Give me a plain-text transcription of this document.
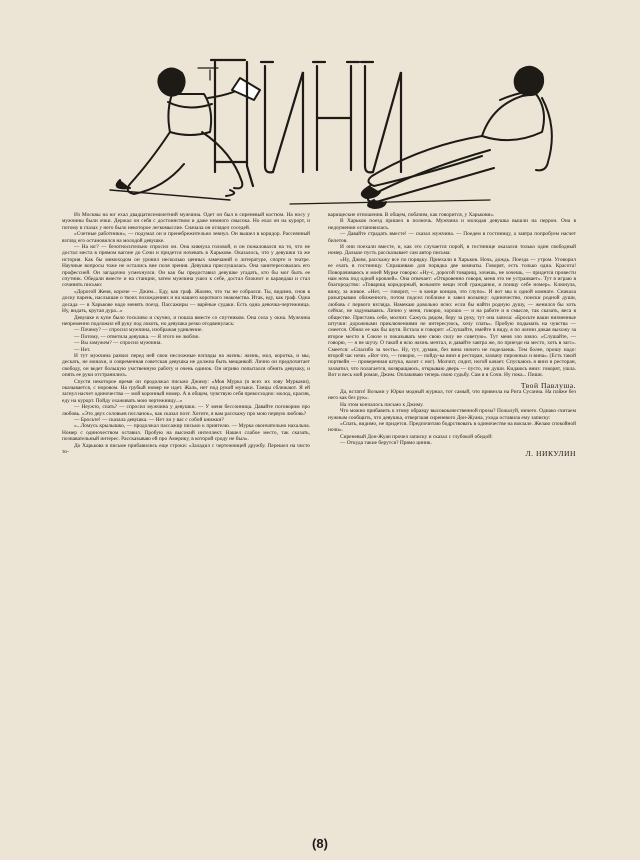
ЦИНИК

Из Москвы на юг ехал двадцатисемилетний мужчина. Одет он был в сиреневый костюм. На носу у мужчины были очки. Держал он себя с достоинством и даже немного свысока. Но ехал он на курорт, и потому в глазах у него было некоторое легкомыслие. Сначала он оглядел соседей.

«Счетные работники», — подумал он и пренебрежительно зевнул. Он вышел в коридор. Рассеянный взгляд его остановился на молодой девушке.

— На юг? — безотносительно спросил он. Она кивнула головой, и он пожаловался на то, что не достал места в прямом вагоне до Сочи и придется ночевать в Харькове. Оказалось, что у девушки та же история. Как бы мимоходом он уронил несколько ценных замечаний о литературе, спорте и театре. Научные вопросы тоже не остались вне поля зрения. Девушка прислушалась. Она заинтересовалась его профессией. Он загадочно усмехнулся. Он как бы предоставил девушке угадать, кто бы мог быть ее спутник. Обедали вместе и на станции, затем мужчина ушел к себе, достал блокнот и карандаш и стал сочинять письмо:

«Дорогой Женя, короче — Джим... Еду, как граф. Жалею, что ты не собрался. Ты, видимо, снов в доску парень, наслышан о твоих похождениях и на нашего короткого знакомства. Итак, еду, как граф. Одна досада — в Харькове надо менять поезд. Пассажиры — варёные судаки. Есть одна девочка-чертежница. Ну, видать, крутая дура...»

Девушке в купе было тоскливо и скучно, и пошла вместе со спутником. Она села у окна. Мужчина непременно подложил ей руку под локоть, но девушка резко отодвинулась:

— Почему? — спросил мужчина, изображая удивление.

— Потому, — ответила девушка. — Я этого не люблю.

— Вы замужем? — спросил мужчина.

— Нет.

И тут мужчина развил перед ней свои несложные взгляды на жизнь: жизнь, мол, коротка, и мы, дескать, не монахи, и современная советская девушка не должна быть мещанкой. Лично он предпочитает свободу, он ведет большую умственную работу и очень одинок. Он игриво попытался обнять девушку, и опять ее руки отстранились.

Спустя некоторое время он продолжал письмо Джиму: «Моя Мурка (я всех их зову Мурками), оказывается, с норовом. На грубый номер не идет. Жаль, нет под рукой музыки. Танцы сближают. Я ей загнул насчет одиночества — мой коронный номер. А в общем, чувствую себя превосходно: молод, красив, еду на курорт. Пойду охаживать мою чертежницу...»

— Неужто, спать? — спросил мужчина у девушки. — У меня бессонница. Давайте поговорим про любовь. «Это двух соловьев посланок», как сказал поэт. Хотите, я вам расскажу про мою первую любовь?

— Бросьте! — сказала девушка. — Нет ли у вас с собой книжки?

«...Ломусь крылышко, — продолжал пассажир письмо к приятелю. — Мурка окончательно нахальна. Номер с одиночеством оставил. Пробую на высокий интеллект. Нашел слабое место, так сказать, познавательный интерес. Рассказываю ей про Америку, в которой сроду не был».

До Харькова в письме прибавились еще строки: «Заладил с чертежницей дружбу. Перешел на чисто то-

варищеские отношения. В общем, побачим, как говорится, у Харькови».

В Харьков поезд пришел в полночь. Мужчина и молодая девушка вышли на перрон. Она в недоумении остановилась.

— Давайте страдать вместе! — сказал мужчина. — Поедем в гостиницу, а завтра попробуем насчет билетов.

И они поехали вместе, и, как это случается порой, в гостинице оказался только один свободный номер. Дальше пусть рассказывает сам автор письма:

«Ну, Джим, расскажу все по порядку. Приехали в Харьков. Ночь, дождь. Поезда — утром. Уговорил ее ехать в гостиницу. Спрашиваю для порядка две комнаты. Говорят, есть только одна. Красота! Поворачиваюсь и моей Мурке говорю: «Ну-с, дорогой товарищ, хочешь, не хочешь, — придется провести нам ночь под одной кровлей». Она отвечает: «Откровенно говоря, меня это не устраивает». Тут я играю в благородство: «Товарищ коридорный, возьмите вещи этой гражданки, я поищу себе номер». Клюнула, вижу, за живое. «Нет, — говорит, — в конце концов, это глупо». И вот мы в одной комнате. Сначала разыгрываю обиженного, потом подсел поближе и завел волынку: одиночество, поиски родной души, любовь с первого взгляда. Намекаю довольно ясно: если бы найти родную душу, — женился бы хоть сейчас, не задумываясь. Лично у меня, говорю, хорошо — и на работе и в смысле, так сказать, веса в обществе. Пристань себе, молчит. Сажусь рядом, беру за руку, тут она запела: «Бросьте ваши низменные штучки: дорожными приключениями не интересуюсь, хочу спать». Пробую подымать на чувства — смеется. Обнял ее как бы шутя. Встала и говорит: «Слушайте, имейте в виду, я по жизни дикая выхожу за второе место в Союзе и показывать мне свою силу не советую». Тут меня зло взяло. «Слушайте, — говорю, — я не шучу. О такой я всю жизнь мечтал, и давайте завтра же, по приезде на место, хоть в загс». Смеется: «Спасибо за честь». Ну, тут, думаю, без вина ничего не поделаешь. Тем более, прошу надо: второй час ночи. «Вот что, — говорю, — пойду-ка вниз в ресторан, захвачу пирожных и вина». (Есть такой портвейн — проверенная штука, валит с ног). Молчит, сидит, ногой качает. Спускаюсь я вниз в ресторан, захватил, что полагается, возвращаюсь, открываю дверь — пусто, ни души. Кидаюсь вниз: говорят, ушла. Вот и весь мой роман, Джим. Оплакиваю теперь свою судьбу. Сам я в Сочи. Ну пока... Пиши.

Твой Павлуша.

Да, встати! Возьми у Юрки модный журнал, тот самый, что привезла на Рига Сусанна. На пляже без него как без рук».

На этом кончалось письмо к Джиму.

Что можно прибавить к этому образцу высококачественной прозы? Пожалуй, ничего. Однако считаем нужным сообщить, что девушка, отвергшая сиреневого Дон-Жуана, ухода оставила ему записку:

«Спать, видимо, не придется. Предпочитаю бодрствовать в одиночестве на вокзале. Желаю спокойной ночи».

Сиреневый Дон-Жуан прочел записку и сказал с глубокой обидой:

— Откуда такие берутся? Прямо циник.

Л. НИКУЛИН

(8)
